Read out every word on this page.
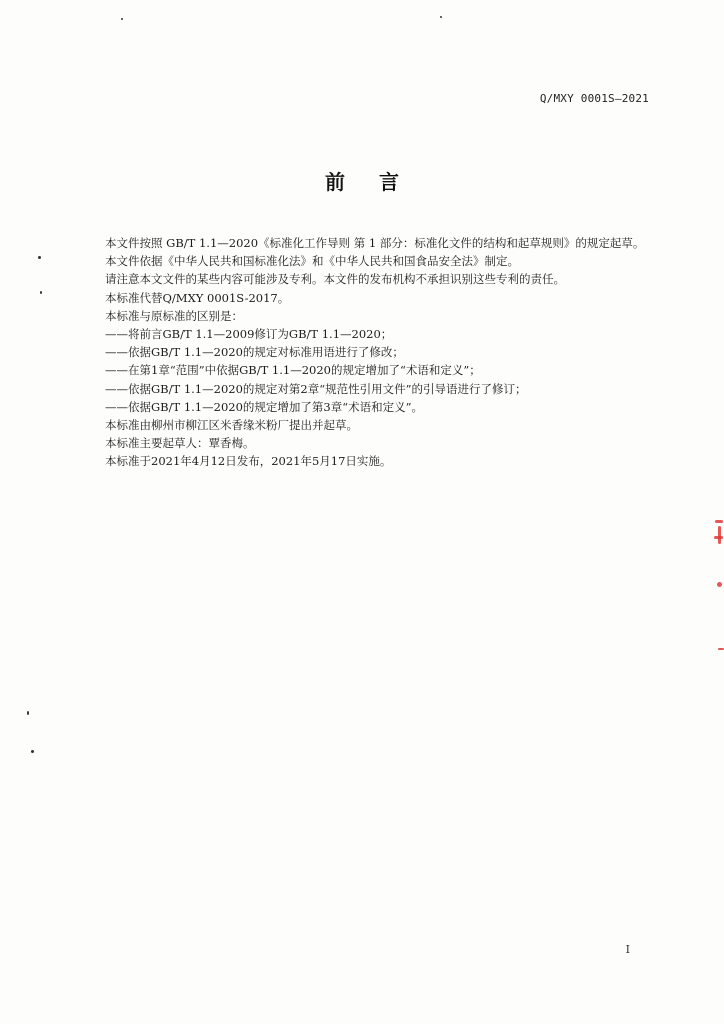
Q/MXY 0001S—2021
前言

本文件按照 GB/T 1.1—2020《标准化工作导则 第 1 部分：标准化文件的结构和起草规则》的规定起草。

本文件依据《中华人民共和国标准化法》和《中华人民共和国食品安全法》制定。

请注意本文文件的某些内容可能涉及专利。本文件的发布机构不承担识别这些专利的责任。

本标准代替Q/MXY 0001S-2017。

本标准与原标准的区别是：

——将前言GB/T 1.1—2009修订为GB/T 1.1—2020；

——依据GB/T 1.1—2020的规定对标准用语进行了修改；

——在第1章“范围”中依据GB/T 1.1—2020的规定增加了“术语和定义”；

——依据GB/T 1.1—2020的规定对第2章“规范性引用文件”的引导语进行了修订；

——依据GB/T 1.1—2020的规定增加了第3章“术语和定义”。

本标准由柳州市柳江区米香缘米粉厂提出并起草。

本标准主要起草人：覃香梅。

本标准于2021年4月12日发布，2021年5月17日实施。

I
